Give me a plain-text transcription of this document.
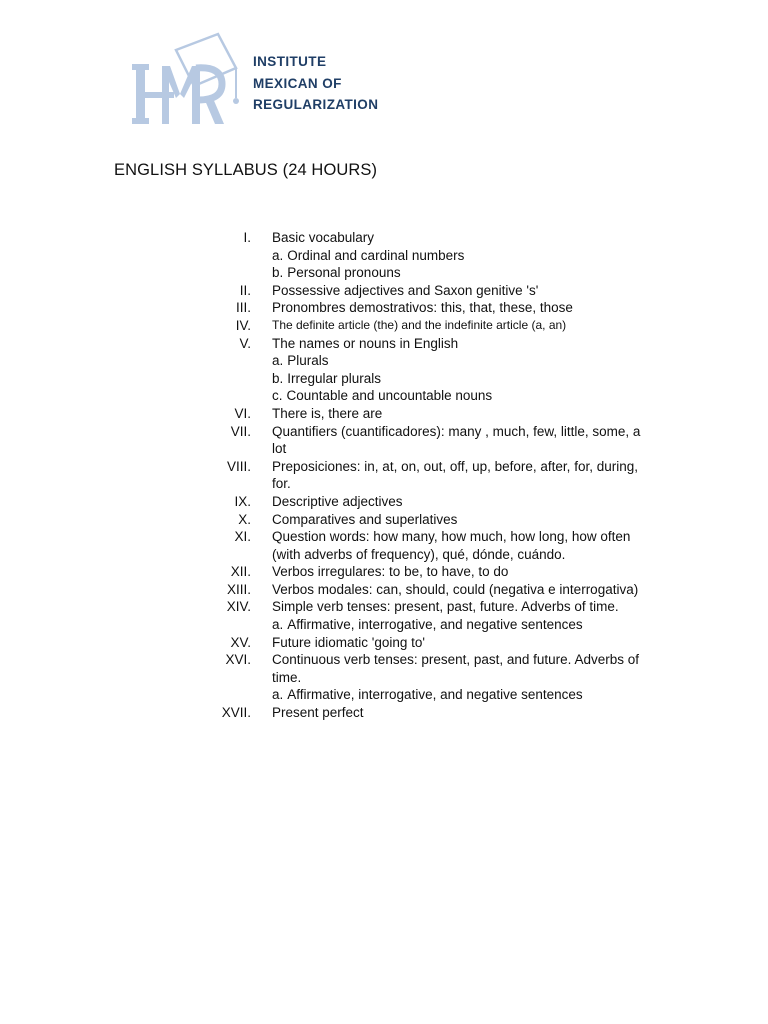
INSTITUTE
MEXICAN OF
REGULARIZATION
ENGLISH SYLLABUS (24 HOURS)
I. Basic vocabulary
a. Ordinal and cardinal numbers
b. Personal pronouns
II. Possessive adjectives and Saxon genitive 's'
III. Pronombres demostrativos: this, that, these, those
IV. The definite article (the) and the indefinite article (a, an)
V. The names or nouns in English
a. Plurals
b. Irregular plurals
c. Countable and uncountable nouns
VI. There is, there are
VII. Quantifiers (cuantificadores): many , much, few, little, some, a lot
VIII. Preposiciones: in, at, on, out, off, up, before, after, for, during, for.
IX. Descriptive adjectives
X. Comparatives and superlatives
XI. Question words: how many, how much, how long, how often (with adverbs of frequency), qué, dónde, cuándo.
XII. Verbos irregulares: to be, to have, to do
XIII. Verbos modales: can, should, could (negativa e interrogativa)
XIV. Simple verb tenses: present, past, future. Adverbs of time.
a. Affirmative, interrogative, and negative sentences
XV. Future idiomatic 'going to'
XVI. Continuous verb tenses: present, past, and future. Adverbs of time.
a. Affirmative, interrogative, and negative sentences
XVII. Present perfect
